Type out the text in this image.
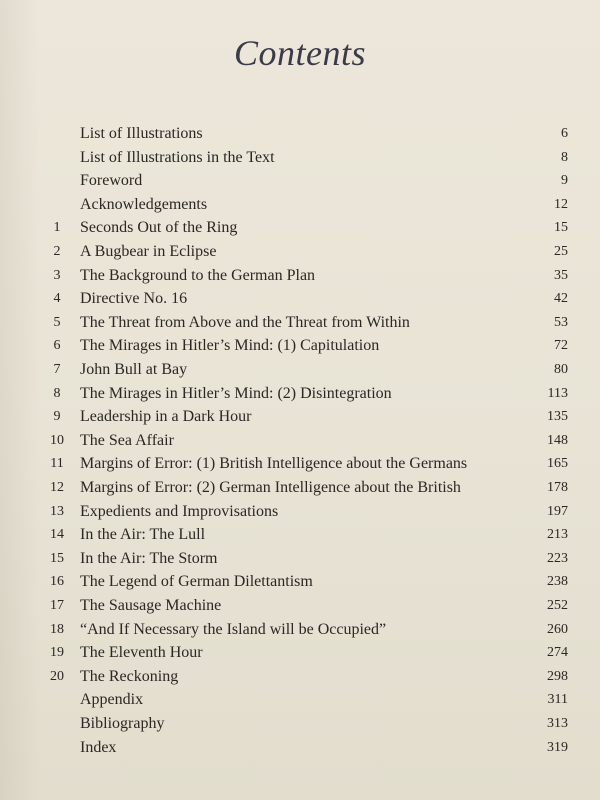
Contents
List of Illustrations	6
List of Illustrations in the Text	8
Foreword	9
Acknowledgements	12
1	Seconds Out of the Ring	15
2	A Bugbear in Eclipse	25
3	The Background to the German Plan	35
4	Directive No. 16	42
5	The Threat from Above and the Threat from Within	53
6	The Mirages in Hitler’s Mind: (1) Capitulation	72
7	John Bull at Bay	80
8	The Mirages in Hitler’s Mind: (2) Disintegration	113
9	Leadership in a Dark Hour	135
10	The Sea Affair	148
11	Margins of Error: (1) British Intelligence about the Germans	165
12	Margins of Error: (2) German Intelligence about the British	178
13	Expedients and Improvisations	197
14	In the Air: The Lull	213
15	In the Air: The Storm	223
16	The Legend of German Dilettantism	238
17	The Sausage Machine	252
18	“And If Necessary the Island will be Occupied”	260
19	The Eleventh Hour	274
20	The Reckoning	298
Appendix	311
Bibliography	313
Index	319
